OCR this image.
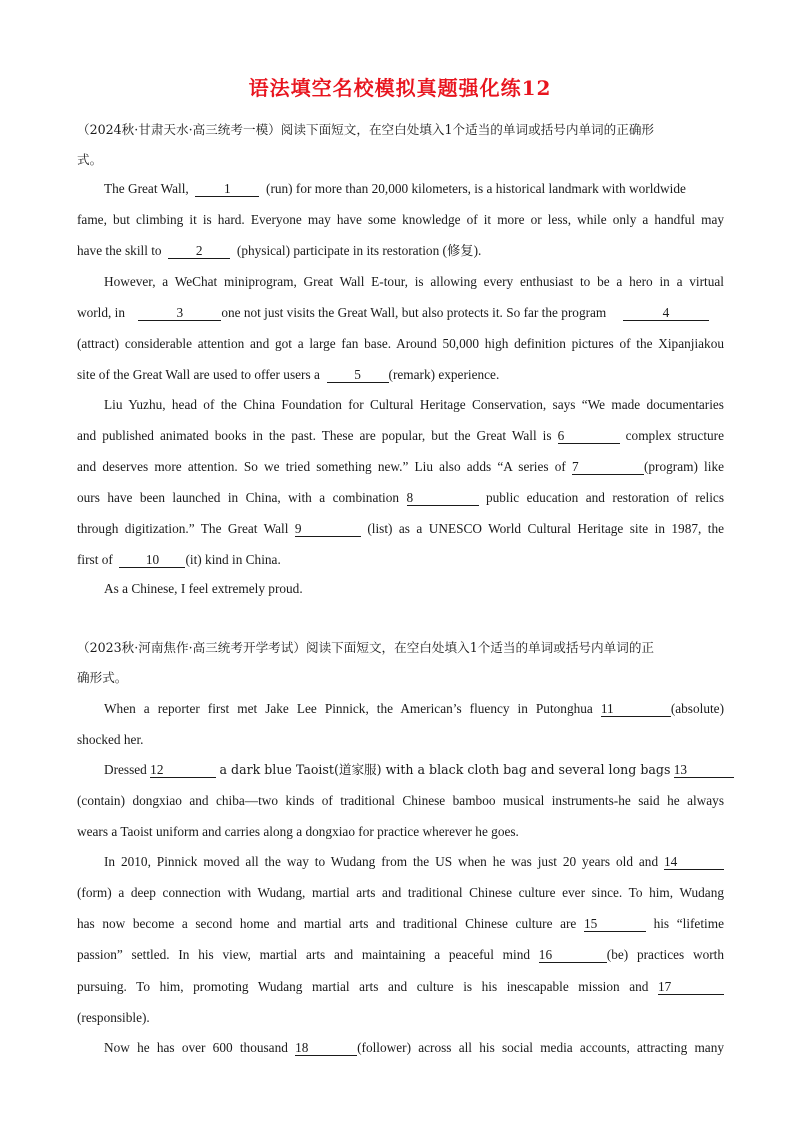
语法填空名校模拟真题强化练12
（2024秋·甘肃天水·高三统考一模）阅读下面短文，在空白处填入1个适当的单词或括号内单词的正确形
式。
The Great Wall,	1	(run) for more than 20,000 kilometers, is a historical landmark with worldwide
fame, but climbing it is hard. Everyone may have some knowledge of it more or less, while only a handful may
have the skill to	2	(physical) participate in its restoration (修复).
However, a WeChat miniprogram, Great Wall E-tour, is allowing every enthusiast to be a hero in a virtual
world, in	3	one not just visits the Great Wall, but also protects it. So far the program	4
(attract) considerable attention and got a large fan base. Around 50,000 high definition pictures of the Xipanjiakou
site of the Great Wall are used to offer users a	5 (remark) experience.
Liu Yuzhu, head of the China Foundation for Cultural Heritage Conservation, says “We made documentaries
and published animated books in the past. These are popular, but the Great Wall is 6	complex structure
and deserves more attention. So we tried something new.” Liu also adds “A series of 7	(program) like
ours have been launched in China, with a combination 8	public education and restoration of relics
through digitization.” The Great Wall 9	(list) as a UNESCO World Cultural Heritage site in 1987, the
first of 10 (it) kind in China.
As a Chinese, I feel extremely proud.
（2023秋·河南焦作·高三统考开学考试）阅读下面短文，在空白处填入1个适当的单词或括号内单词的正
确形式。
When a reporter first met Jake Lee Pinnick, the American’s fluency in Putonghua 11	(absolute)
shocked her.
Dressed 12	a dark blue Taoist(道家服) with a black cloth bag and several long bags 13
(contain) dongxiao and chiba—two kinds of traditional Chinese bamboo musical instruments-he said he always
wears a Taoist uniform and carries along a dongxiao for practice wherever he goes.
In 2010, Pinnick moved all the way to Wudang from the US when he was just 20 years old and 14
(form) a deep connection with Wudang, martial arts and traditional Chinese culture ever since. To him, Wudang
has now become a second home and martial arts and traditional Chinese culture are 15	his “lifetime
passion” settled. In his view, martial arts and maintaining a peaceful mind 16	(be) practices worth
pursuing. To him, promoting Wudang martial arts and culture is his inescapable mission and 17
(responsible).
Now he has over 600 thousand 18	(follower) across all his social media accounts, attracting many
